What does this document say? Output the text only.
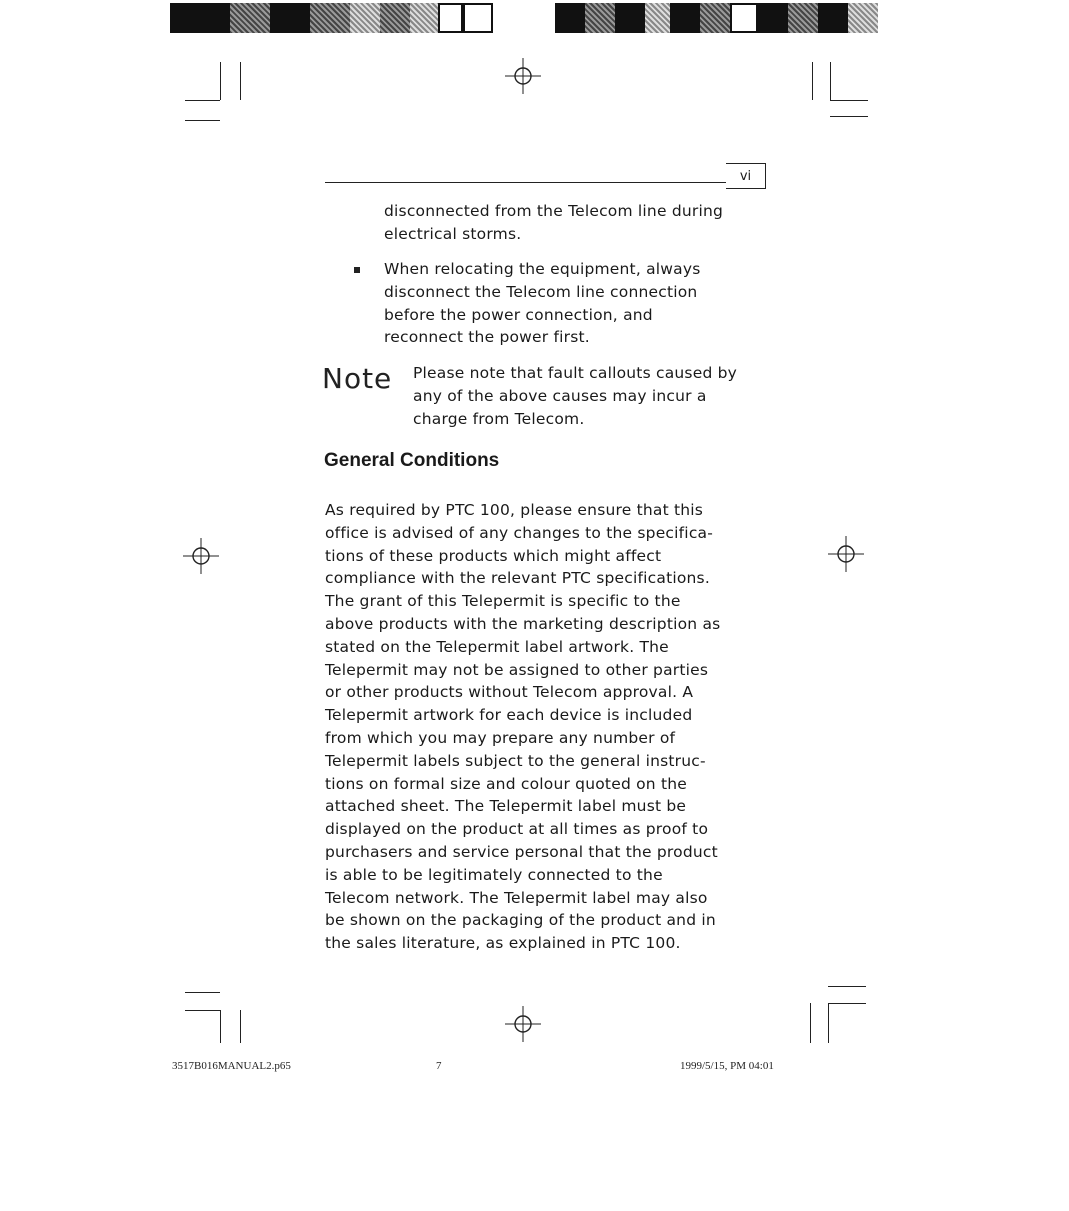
vi
disconnected from the Telecom line during
electrical storms.
When relocating the equipment, always
disconnect the Telecom line connection
before the power connection, and
reconnect the power first.
Note Please note that fault callouts caused by
any of the above causes may incur a
charge from Telecom.
General Conditions
As required by PTC 100, please ensure that this
office is advised of any changes to the specifica-
tions of these products which might affect
compliance with the relevant PTC specifications.
The grant of this Telepermit is specific to the
above products with the marketing description as
stated on the Telepermit label artwork. The
Telepermit may not be assigned to other parties
or other products without Telecom approval. A
Telepermit artwork for each device is included
from which you may prepare any number of
Telepermit labels subject to the general instruc-
tions on formal size and colour quoted on the
attached sheet. The Telepermit label must be
displayed on the product at all times as proof to
purchasers and service personal that the product
is able to be legitimately connected to the
Telecom network. The Telepermit label may also
be shown on the packaging of the product and in
the sales literature, as explained in PTC 100.
3517B016MANUAL2.p65	7	1999/5/15, PM 04:01
